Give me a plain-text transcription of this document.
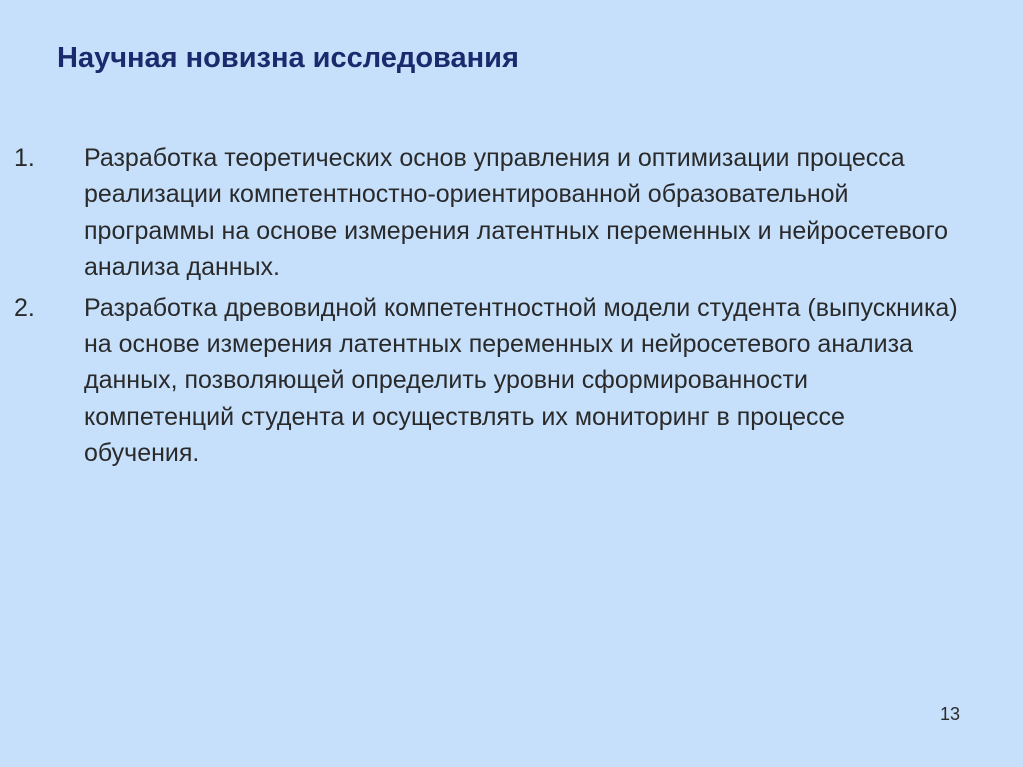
Научная новизна исследования
1. Разработка теоретических основ управления и оптимизации процесса реализации компетентностно-ориентированной образовательной программы на основе измерения латентных переменных и нейросетевого анализа данных.
2. Разработка древовидной компетентностной модели студента (выпускника) на основе измерения латентных переменных и нейросетевого анализа данных, позволяющей определить уровни сформированности компетенций студента и осуществлять их мониторинг в процессе обучения.
13
